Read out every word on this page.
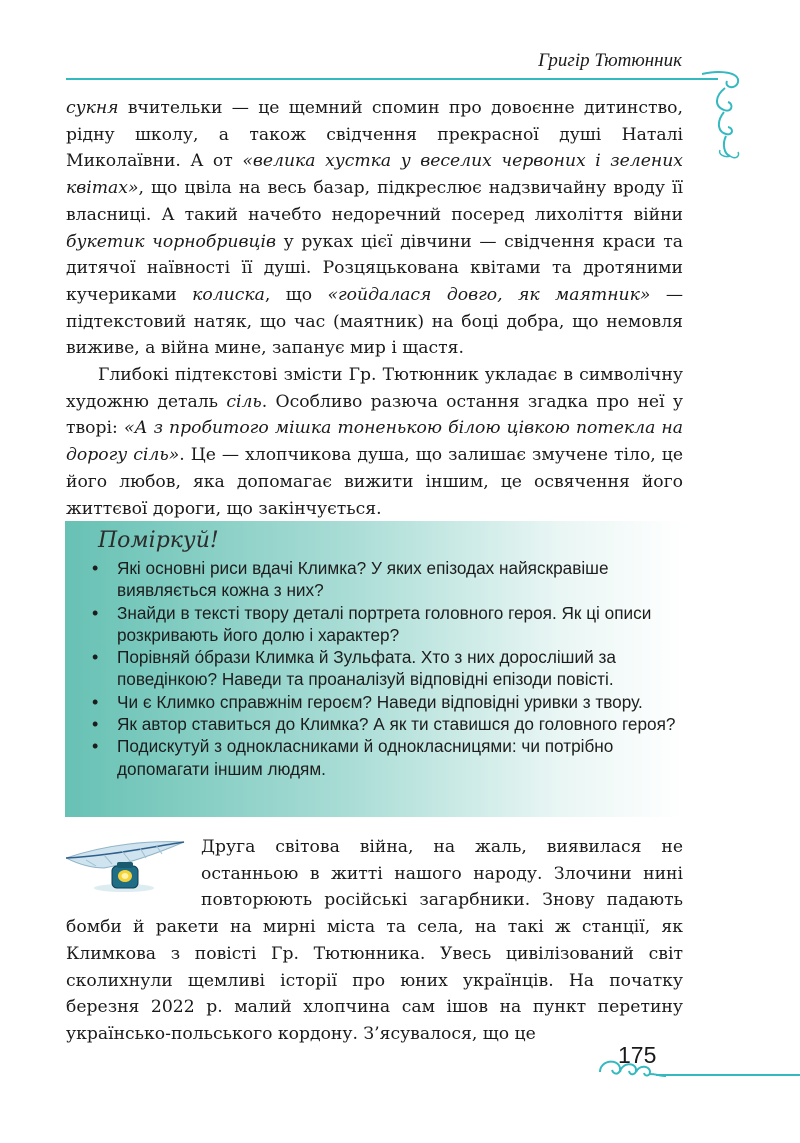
Григір Тютюнник

сукня вчительки — це щемний спомин про довоєнне дитинство, рідну школу, а також свідчення прекрасної душі Наталі Миколаївни. А от «велика хустка у веселих червоних і зелених квітах», що цвіла на весь базар, підкреслює надзвичайну вроду її власниці. А такий начебто недоречний посеред лихоліття війни букетик чорнобривців у руках цієї дівчини — свідчення краси та дитячої наївності її душі. Розцяцькована квітами та дротяними кучериками колиска, що «гойдалася довго, як маятник» — підтекстовий натяк, що час (маятник) на боці добра, що немовля виживе, а війна мине, запанує мир і щастя.

Глибокі підтекстові змісти Гр. Тютюнник укладає в символічну художню деталь сіль. Особливо разюча остання згадка про неї у творі: «А з пробитого мішка тоненькою білою цівкою потекла на дорогу сіль». Це — хлопчикова душа, що залишає змучене тіло, це його любов, яка допомагає вижити іншим, це освячення його життєвої дороги, що закінчується.

Поміркуй!
• Які основні риси вдачі Климка? У яких епізодах найяскравіше виявляється кожна з них?
• Знайди в тексті твору деталі портрета головного героя. Як ці описи розкривають його долю і характер?
• Порівняй о́брази Климка й Зульфата. Хто з них доросліший за поведінкою? Наведи та проаналізуй відповідні епізоди повісті.
• Чи є Климко справжнім героєм? Наведи відповідні уривки з твору.
• Як автор ставиться до Климка? А як ти ставишся до головного героя?
• Подискутуй з однокласниками й однокласницями: чи потрібно допомагати іншим людям.
Друга світова війна, на жаль, виявилася не останньою в житті нашого народу. Злочини нині повторюють російські загарбники. Знову падають бомби й ракети на мирні міста та села, на такі ж станції, як Климкова з повісті Гр. Тютюнника. Увесь цивілізований світ сколихнули щемливі історії про юних українців. На початку березня 2022 р. малий хлопчина сам ішов на пункт перетину українсько-польського кордону. З’ясувалося, що це
175
